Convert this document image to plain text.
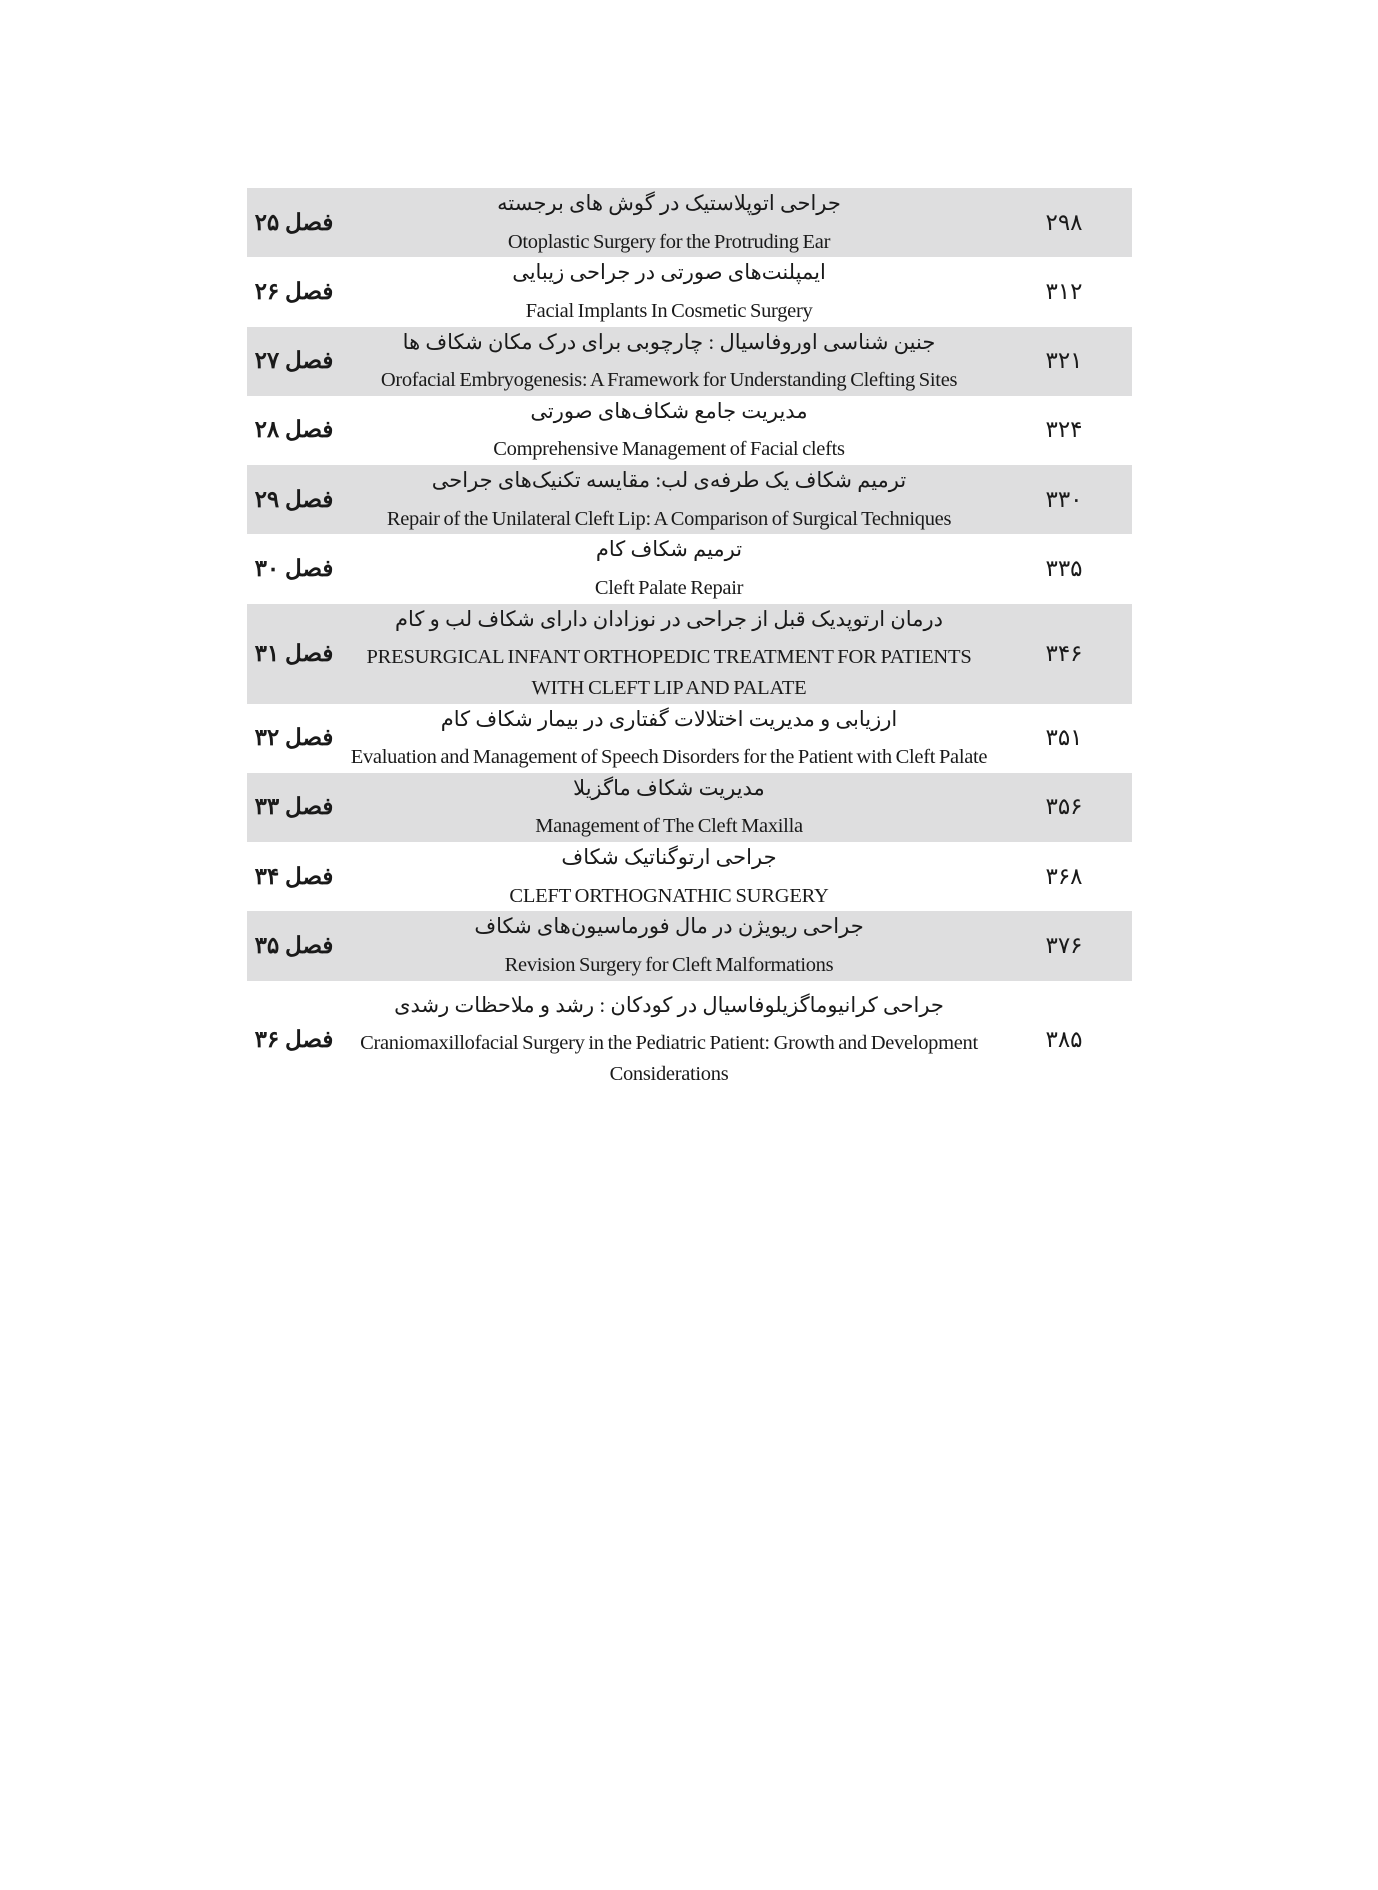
۲۹۸	جراحی اتوپلاستیک در گوش های برجسته
Otoplastic Surgery for the Protruding Ear	فصل ۲۵
۳۱۲	ایمپلنت‌های صورتی در جراحی زیبایی
Facial Implants In Cosmetic Surgery	فصل ۲۶
۳۲۱	جنین شناسی اوروفاسیال : چارچوبی برای درک مکان شکاف ها
Orofacial Embryogenesis: A Framework for Understanding Clefting Sites	فصل ۲۷
۳۲۴	مدیریت جامع شکاف‌های صورتی
Comprehensive Management of Facial clefts	فصل ۲۸
۳۳۰	ترمیم شکاف یک طرفه‌ی لب: مقایسه تکنیک‌های جراحی
Repair of the Unilateral Cleft Lip: A Comparison of Surgical Techniques	فصل ۲۹
۳۳۵	ترمیم شکاف کام
Cleft Palate Repair	فصل ۳۰
۳۴۶	درمان ارتوپدیک قبل از جراحی در نوزادان دارای شکاف لب و کام
PRESURGICAL INFANT ORTHOPEDIC TREATMENT FOR PATIENTS WITH CLEFT LIP AND PALATE	فصل ۳۱
۳۵۱	ارزیابی و مدیریت اختلالات گفتاری در بیمار شکاف کام
Evaluation and Management of Speech Disorders for the Patient with Cleft Palate	فصل ۳۲
۳۵۶	مدیریت شکاف ماگزیلا
Management of The Cleft Maxilla	فصل ۳۳
۳۶۸	جراحی ارتوگناتیک شکاف
CLEFT ORTHOGNATHIC SURGERY	فصل ۳۴
۳۷۶	جراحی ریویژن در مال فورماسیون‌های شکاف
Revision Surgery for Cleft Malformations	فصل ۳۵

۳۸۵	جراحی کرانیوماگزیلوفاسیال در کودکان : رشد و ملاحظات رشدی
Craniomaxillofacial Surgery in the Pediatric Patient: Growth and Development Considerations	فصل ۳۶
